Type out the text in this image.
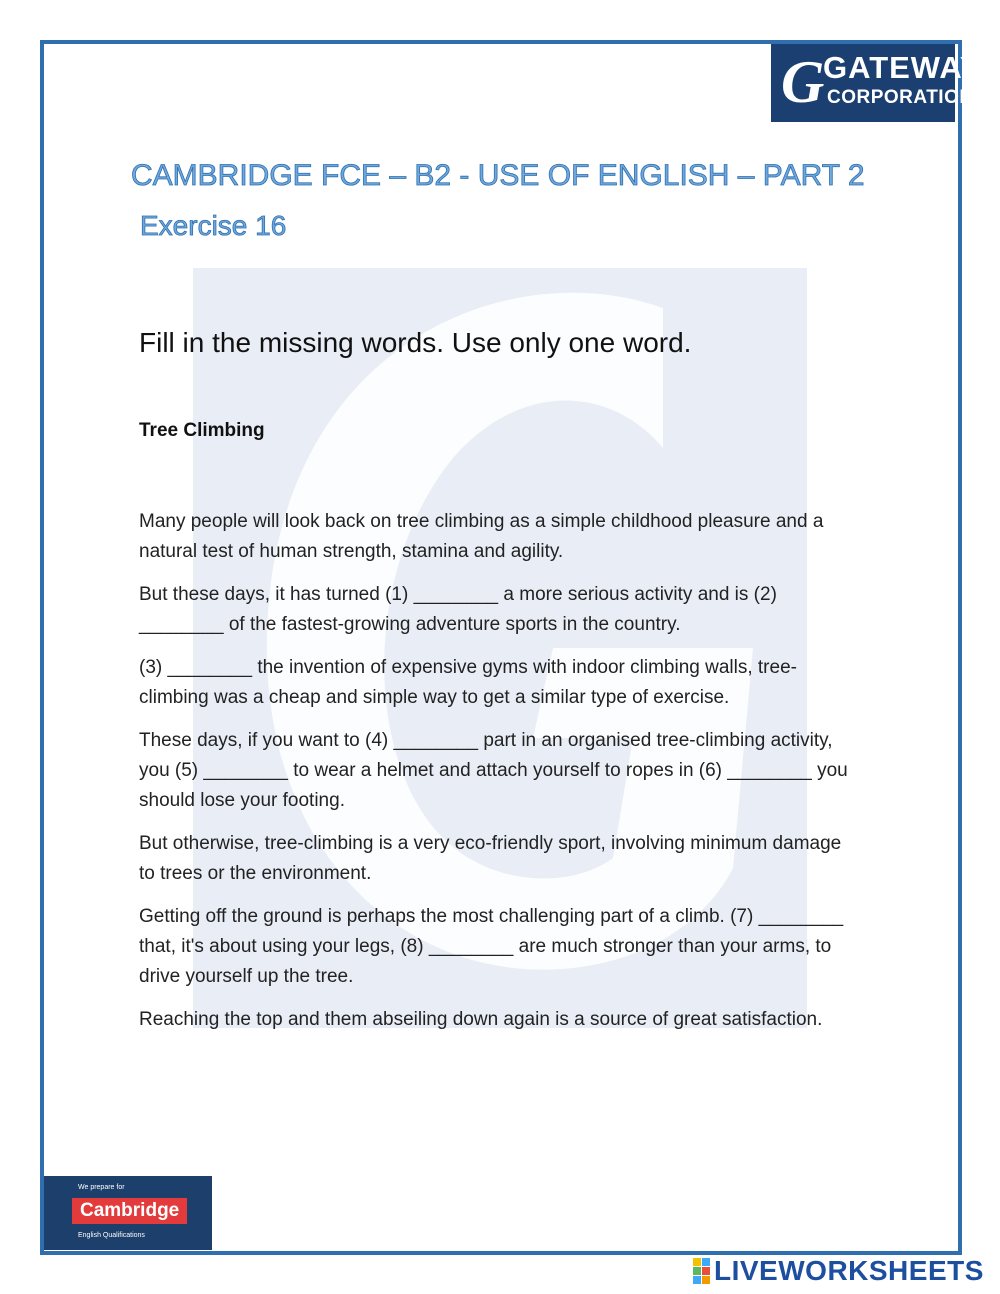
G
GATEWAY
CORPORATION
CAMBRIDGE FCE – B2 - USE OF ENGLISH – PART 2
Exercise 16
Fill in the missing words. Use only one word.
Tree Climbing

Many people will look back on tree climbing as a simple childhood pleasure and a natural test of human strength, stamina and agility.

But these days, it has turned (1) ________ a more serious activity and is (2) ________ of the fastest-growing adventure sports in the country.

(3) ________ the invention of expensive gyms with indoor climbing walls, tree-climbing was a cheap and simple way to get a similar type of exercise.

These days, if you want to (4) ________ part in an organised tree-climbing activity, you (5) ________ to wear a helmet and attach yourself to ropes in (6) ________ you should lose your footing.

But otherwise, tree-climbing is a very eco-friendly sport, involving minimum damage to trees or the environment.

Getting off the ground is perhaps the most challenging part of a climb. (7) ________ that, it's about using your legs, (8) ________ are much stronger than your arms, to drive yourself up the tree.

Reaching the top and them abseiling down again is a source of great satisfaction.

We prepare for
Cambridge
English Qualifications
LIVEWORKSHEETS
